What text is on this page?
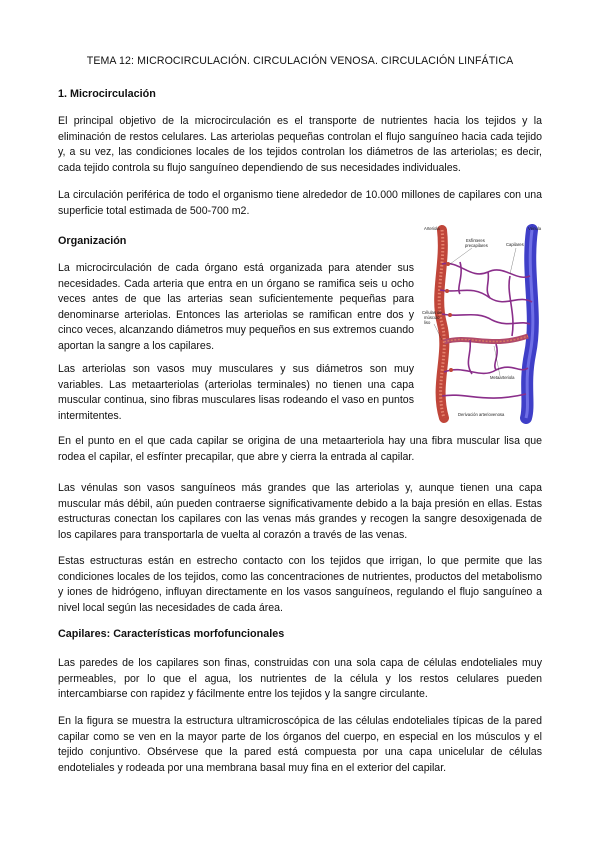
TEMA 12: MICROCIRCULACIÓN. CIRCULACIÓN VENOSA. CIRCULACIÓN LINFÁTICA
1. Microcirculación

El principal objetivo de la microcirculación es el transporte de nutrientes hacia los tejidos y la eliminación de restos celulares. Las arteriolas pequeñas controlan el flujo sanguíneo hacia cada tejido y, a su vez, las condiciones locales de los tejidos controlan los diámetros de las arteriolas; es decir, cada tejido controla su flujo sanguíneo dependiendo de sus necesidades individuales.

La circulación periférica de todo el organismo tiene alrededor de 10.000 millones de capilares con una superficie total estimada de 500-700 m2.

Organización

La microcirculación de cada órgano está organizada para atender sus necesidades. Cada arteria que entra en un órgano se ramifica seis u ocho veces antes de que las arterias sean suficientemente pequeñas para denominarse arteriolas. Entonces las arteriolas se ramifican entre dos y cinco veces, alcanzando diámetros muy pequeños en sus extremos cuando aportan la sangre a los capilares.

Las arteriolas son vasos muy musculares y sus diámetros son muy variables. Las metaarteriolas (arteriolas terminales) no tienen una capa muscular continua, sino fibras musculares lisas rodeando el vaso en puntos intermitentes.

En el punto en el que cada capilar se origina de una metaarteriola hay una fibra muscular lisa que rodea el capilar, el esfínter precapilar, que abre y cierra la entrada al capilar.

Las vénulas son vasos sanguíneos más grandes que las arteriolas y, aunque tienen una capa muscular más débil, aún pueden contraerse significativamente debido a la baja presión en ellas. Estas estructuras conectan los capilares con las venas más grandes y recogen la sangre desoxigenada de los capilares para transportarla de vuelta al corazón a través de las venas.

Estas estructuras están en estrecho contacto con los tejidos que irrigan, lo que permite que las condiciones locales de los tejidos, como las concentraciones de nutrientes, productos del metabolismo y iones de hidrógeno, influyan directamente en los vasos sanguíneos, regulando el flujo sanguíneo a nivel local según las necesidades de cada área.

Capilares: Características morfofuncionales

Las paredes de los capilares son finas, construidas con una sola capa de células endoteliales muy permeables, por lo que el agua, los nutrientes de la célula y los restos celulares pueden intercambiarse con rapidez y fácilmente entre los tejidos y la sangre circulante.

En la figura se muestra la estructura ultramicroscópica de las células endoteliales típicas de la pared capilar como se ven en la mayor parte de los órganos del cuerpo, en especial en los músculos y el tejido conjuntivo. Obsérvese que la pared está compuesta por una capa unicelular de células endoteliales y rodeada por una membrana basal muy fina en el exterior del capilar.

Arteriola	Vénula
Esfínteres
precapilares	Capilares
Células de
músculo
liso
Metaarteriola
Derivación arteriovenosa
